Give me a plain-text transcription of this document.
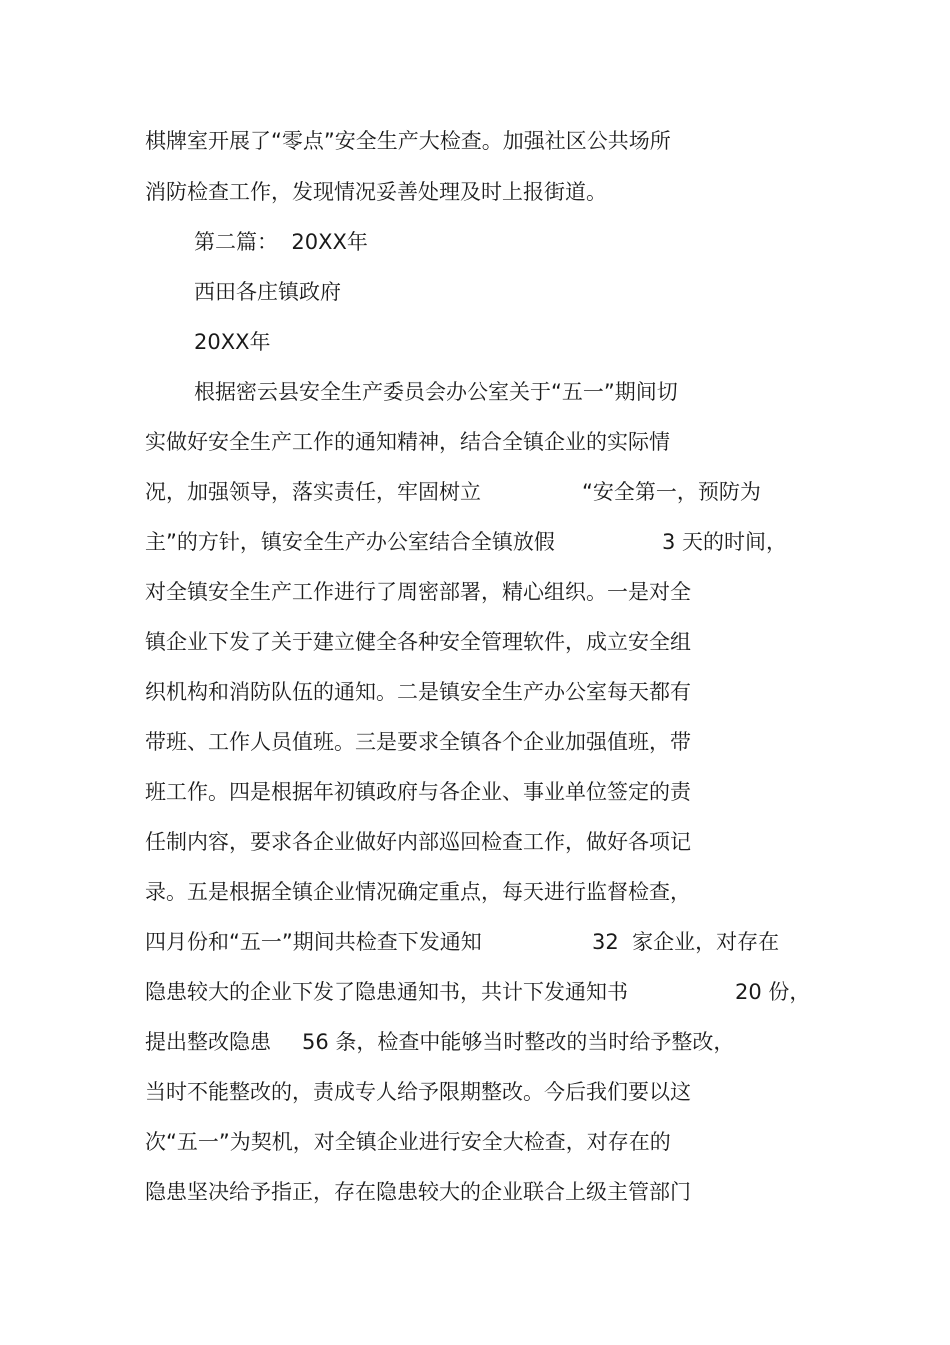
棋牌室开展了“零点”安全生产大检查。加强社区公共场所

消防检查工作，发现情况妥善处理及时上报街道。

第二篇：  20XX年

西田各庄镇政府

20XX年

根据密云县安全生产委员会办公室关于“五一”期间切

实做好安全生产工作的通知精神，结合全镇企业的实际情

况，加强领导，落实责任，牢固树立

	“安全第一，预防为

主”的方针，镇安全生产办公室结合全镇放假

	3 天的时间，

对全镇安全生产工作进行了周密部署，精心组织。一是对全

镇企业下发了关于建立健全各种安全管理软件，成立安全组

织机构和消防队伍的通知。二是镇安全生产办公室每天都有

带班、工作人员值班。三是要求全镇各个企业加强值班，带

班工作。四是根据年初镇政府与各企业、事业单位签定的责

任制内容，要求各企业做好内部巡回检查工作，做好各项记

录。五是根据全镇企业情况确定重点，每天进行监督检查，

四月份和“五一”期间共检查下发通知

	32  家企业，对存在

隐患较大的企业下发了隐患通知书，共计下发通知书

	20 份，

提出整改隐患

56 条，检查中能够当时整改的当时给予整改，

当时不能整改的，责成专人给予限期整改。今后我们要以这

次“五一”为契机，对全镇企业进行安全大检查，对存在的

隐患坚决给予指正，存在隐患较大的企业联合上级主管部门
